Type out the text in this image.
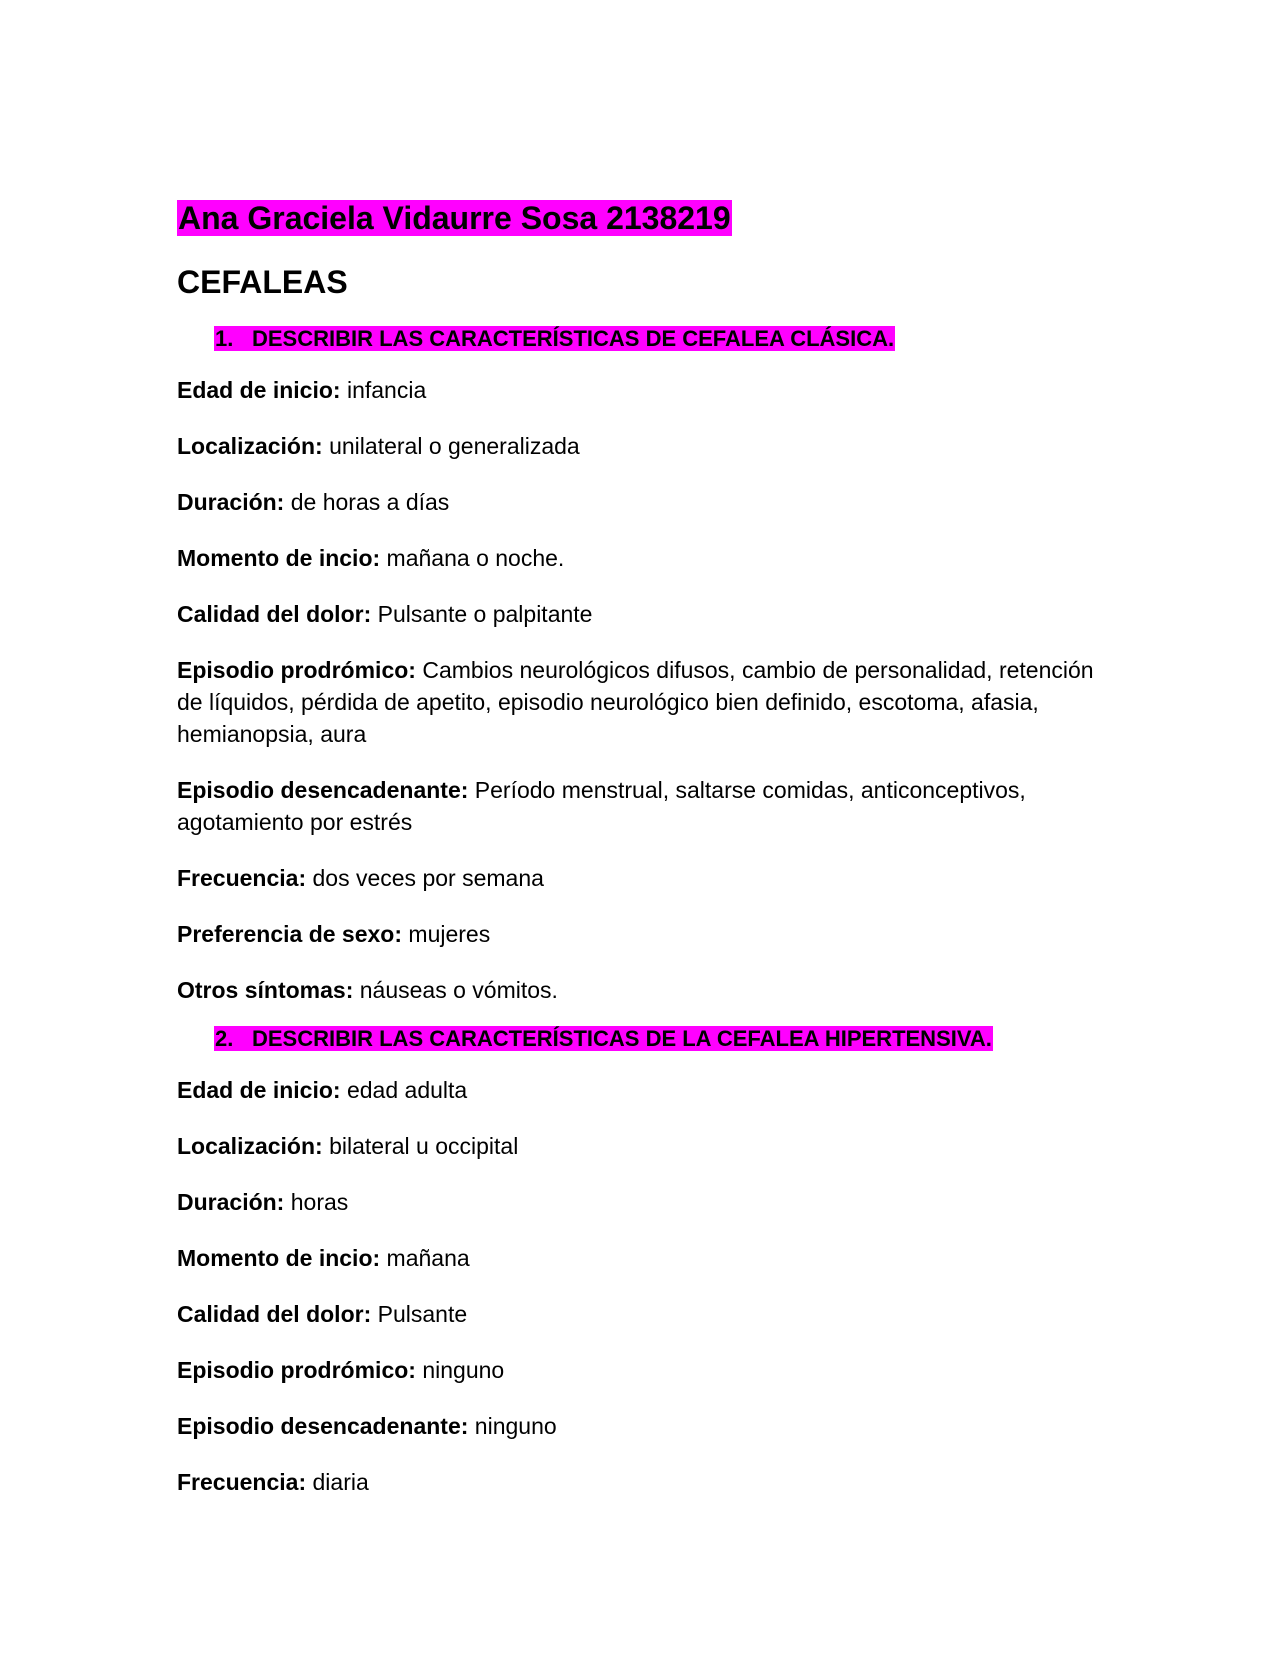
Ana Graciela Vidaurre Sosa 2138219

CEFALEAS
1. DESCRIBIR LAS CARACTERÍSTICAS DE CEFALEA CLÁSICA.

Edad de inicio: infancia

Localización: unilateral o generalizada

Duración: de horas a días

Momento de incio: mañana o noche.

Calidad del dolor: Pulsante o palpitante

Episodio prodrómico: Cambios neurológicos difusos, cambio de personalidad, retención de líquidos, pérdida de apetito, episodio neurológico bien definido, escotoma, afasia, hemianopsia, aura

Episodio desencadenante: Período menstrual, saltarse comidas, anticonceptivos, agotamiento por estrés

Frecuencia: dos veces por semana

Preferencia de sexo: mujeres

Otros síntomas: náuseas o vómitos.

2. DESCRIBIR LAS CARACTERÍSTICAS DE LA CEFALEA HIPERTENSIVA.

Edad de inicio: edad adulta

Localización: bilateral u occipital

Duración: horas

Momento de incio: mañana

Calidad del dolor: Pulsante

Episodio prodrómico: ninguno

Episodio desencadenante: ninguno

Frecuencia: diaria
